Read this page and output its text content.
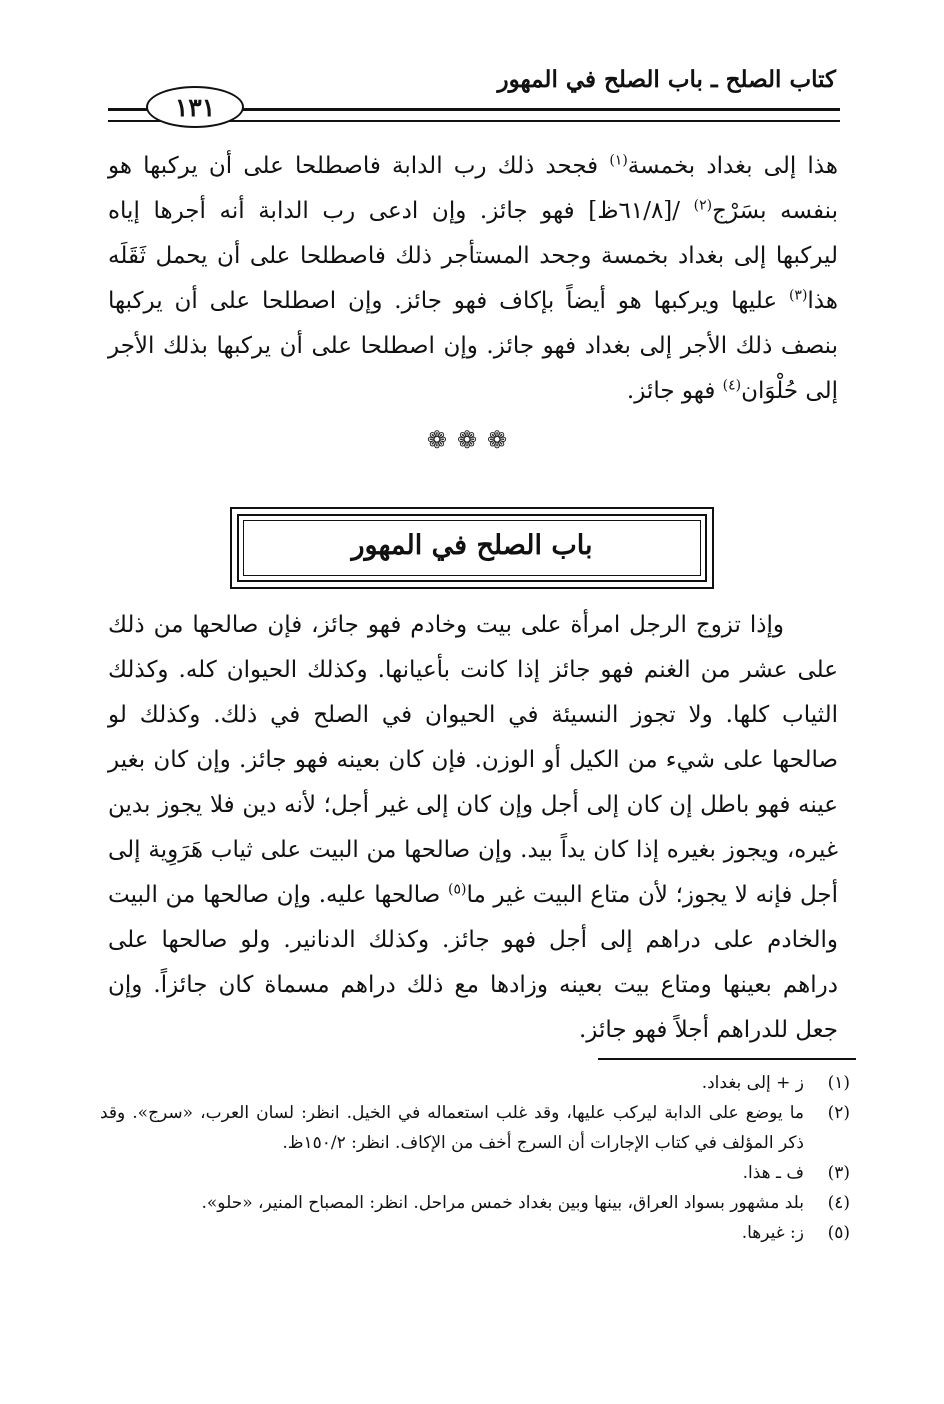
كتاب الصلح ـ باب الصلح في المهور
١٣١
هذا إلى بغداد بخمسة$^{(١)}$ فجحد ذلك رب الدابة فاصطلحا على أن يركبها هو بنفسه بسَرْج$^{(٢)}$ /[٦١/٨ظ] فهو جائز. وإن ادعى رب الدابة أنه أجرها إياه ليركبها إلى بغداد بخمسة وجحد المستأجر ذلك فاصطلحا على أن يحمل ثَقَلَه هذا$^{(٣)}$ عليها ويركبها هو أيضاً بإكاف فهو جائز. وإن اصطلحا على أن يركبها بنصف ذلك الأجر إلى بغداد فهو جائز. وإن اصطلحا على أن يركبها بذلك الأجر إلى حُلْوَان$^{(٤)}$ فهو جائز.
❁❁❁
باب الصلح في المهور
وإذا تزوج الرجل امرأة على بيت وخادم فهو جائز، فإن صالحها من ذلك على عشر من الغنم فهو جائز إذا كانت بأعيانها. وكذلك الحيوان كله. وكذلك الثياب كلها. ولا تجوز النسيئة في الحيوان في الصلح في ذلك. وكذلك لو صالحها على شيء من الكيل أو الوزن. فإن كان بعينه فهو جائز. وإن كان بغير عينه فهو باطل إن كان إلى أجل وإن كان إلى غير أجل؛ لأنه دين فلا يجوز بدين غيره، ويجوز بغيره إذا كان يداً بيد. وإن صالحها من البيت على ثياب هَرَوِية إلى أجل فإنه لا يجوز؛ لأن متاع البيت غير ما$^{(٥)}$ صالحها عليه. وإن صالحها من البيت والخادم على دراهم إلى أجل فهو جائز. وكذلك الدنانير. ولو صالحها على دراهم بعينها ومتاع بيت بعينه وزادها مع ذلك دراهم مسماة كان جائزاً. وإن جعل للدراهم أجلاً فهو جائز.
(١)
ز + إلى بغداد.
(٢)
ما يوضع على الدابة ليركب عليها، وقد غلب استعماله في الخيل. انظر: لسان العرب، «سرج». وقد ذكر المؤلف في كتاب الإجارات أن السرج أخف من الإكاف. انظر: ١٥٠/٢ظ.
(٣)
ف ـ هذا.
(٤)
بلد مشهور بسواد العراق، بينها وبين بغداد خمس مراحل. انظر: المصباح المنير، «حلو».
(٥)
ز: غيرها.
